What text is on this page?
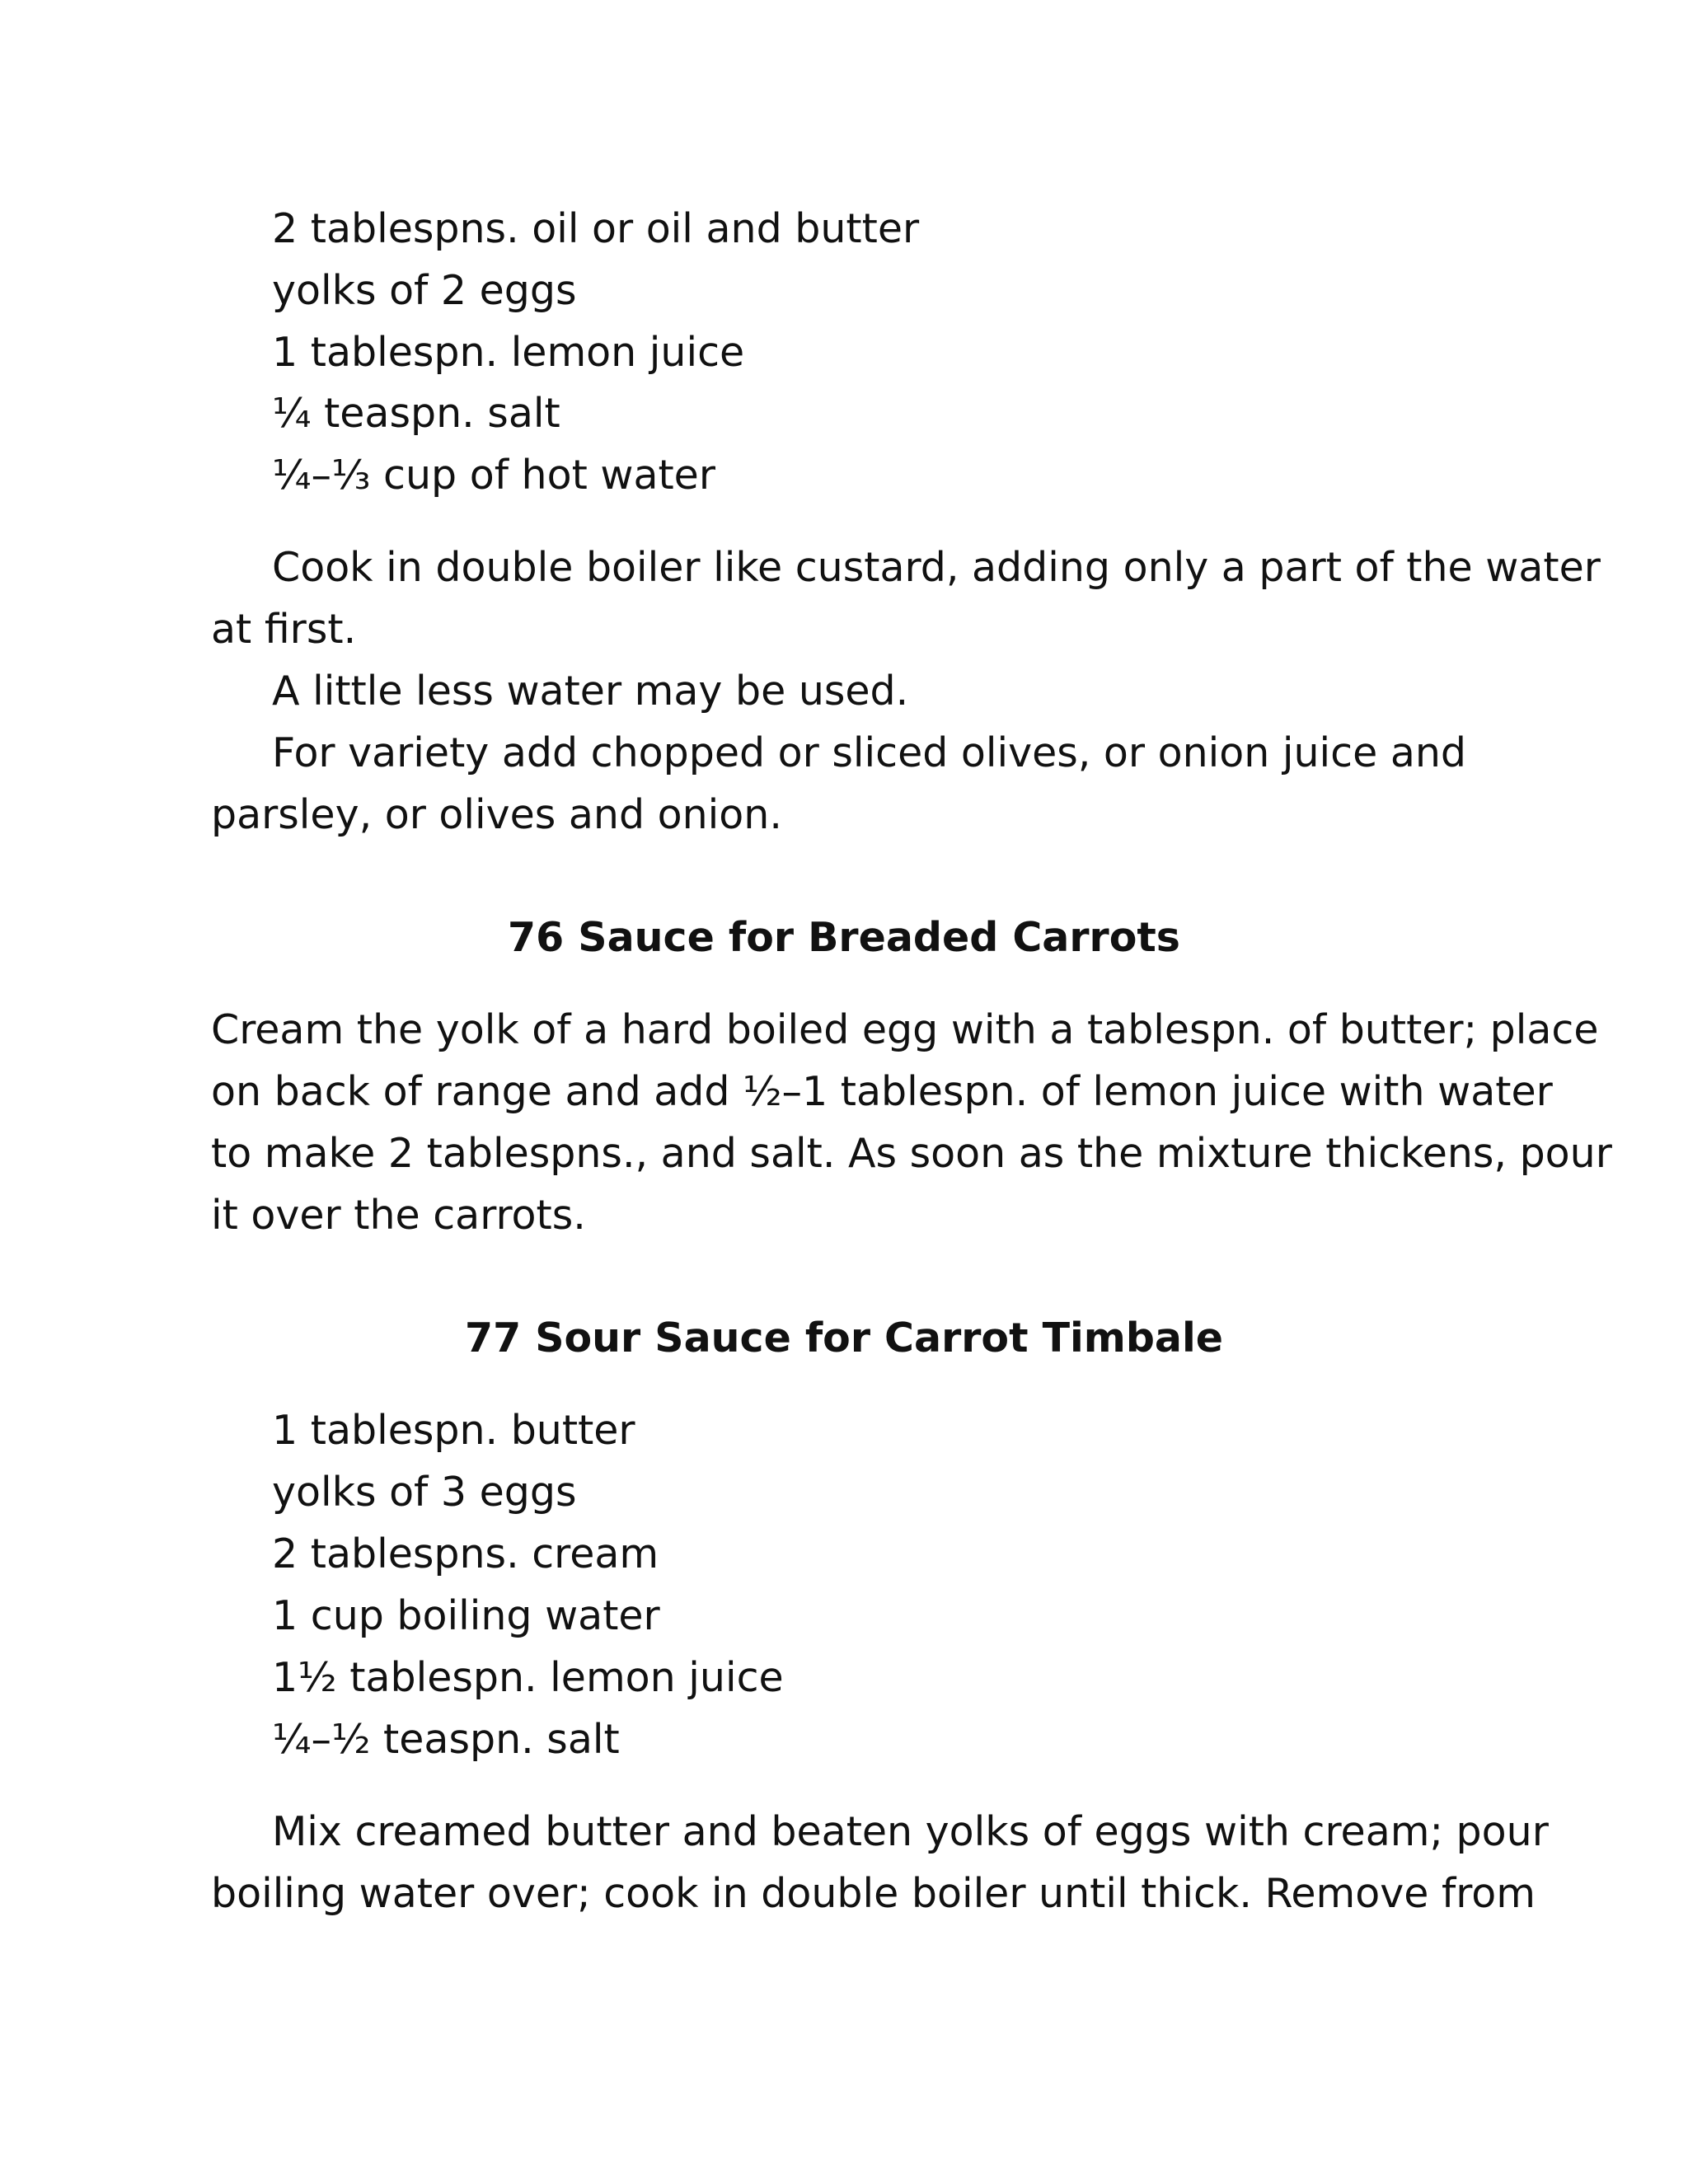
2 tablespns. oil or oil and butter
yolks of 2 eggs
1 tablespn. lemon juice
¼ teaspn. salt
¼–⅓ cup of hot water
Cook in double boiler like custard, adding only a part of the water
at first.
A little less water may be used.
For variety add chopped or sliced olives, or onion juice and
parsley, or olives and onion.
76 Sauce for Breaded Carrots
Cream the yolk of a hard boiled egg with a tablespn. of butter; place
on back of range and add ½–1 tablespn. of lemon juice with water
to make 2 tablespns., and salt. As soon as the mixture thickens, pour
it over the carrots.
77 Sour Sauce for Carrot Timbale
1 tablespn. butter
yolks of 3 eggs
2 tablespns. cream
1 cup boiling water
1½ tablespn. lemon juice
¼–½ teaspn. salt
Mix creamed butter and beaten yolks of eggs with cream; pour
boiling water over; cook in double boiler until thick. Remove from
